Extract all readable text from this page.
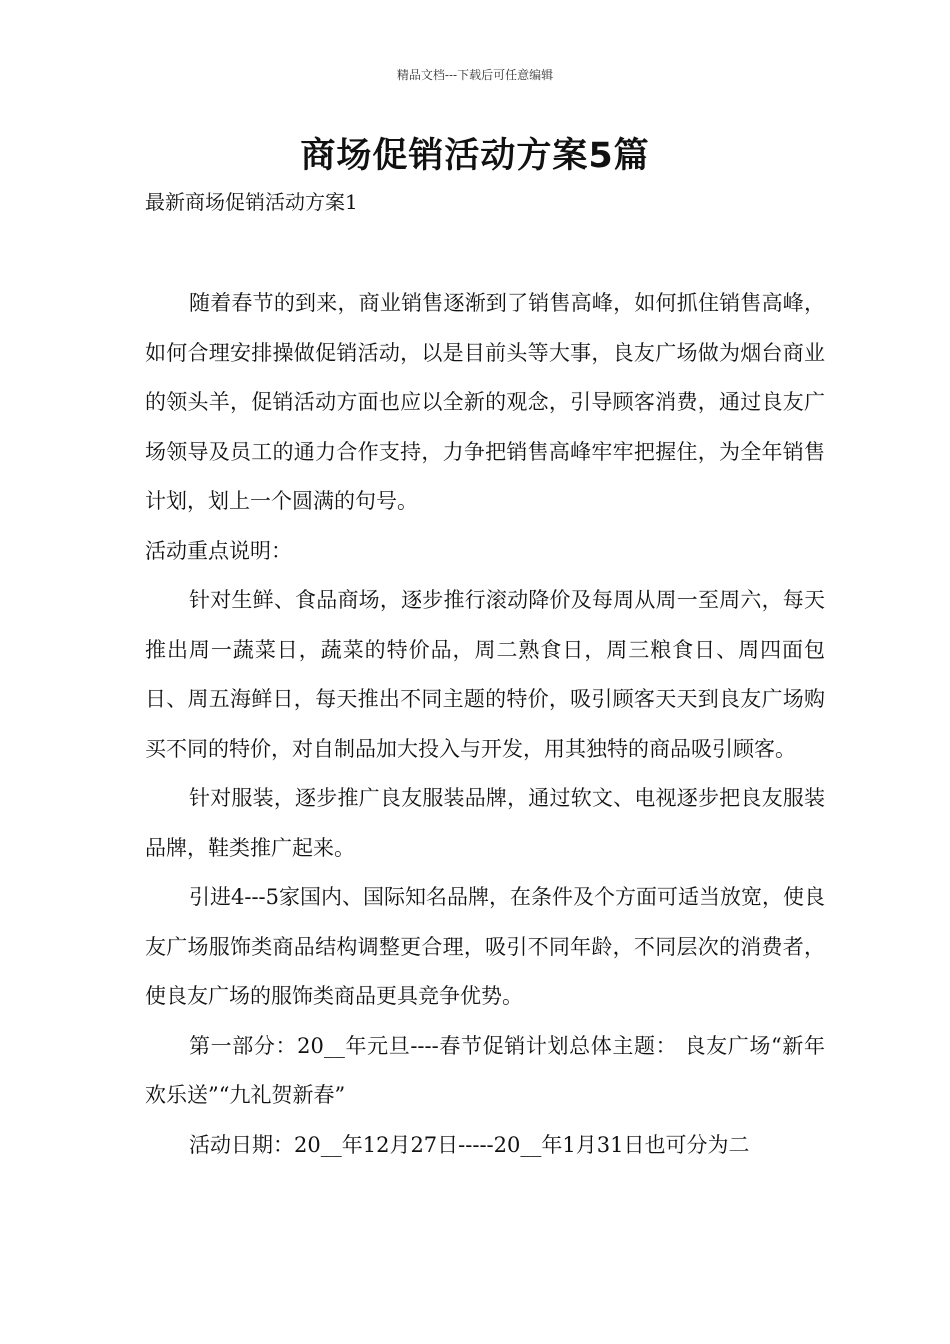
精品文档---下载后可任意编辑
商场促销活动方案5篇
最新商场促销活动方案1

随着春节的到来，商业销售逐渐到了销售高峰，如何抓住销售高峰，如何合理安排操做促销活动，以是目前头等大事，良友广场做为烟台商业的领头羊，促销活动方面也应以全新的观念，引导顾客消费，通过良友广场领导及员工的通力合作支持，力争把销售高峰牢牢把握住，为全年销售计划，划上一个圆满的句号。

活动重点说明：

针对生鲜、食品商场，逐步推行滚动降价及每周从周一至周六，每天推出周一蔬菜日，蔬菜的特价品，周二熟食日，周三粮食日、周四面包日、周五海鲜日，每天推出不同主题的特价，吸引顾客天天到良友广场购买不同的特价，对自制品加大投入与开发，用其独特的商品吸引顾客。

针对服装，逐步推广良友服装品牌，通过软文、电视逐步把良友服装品牌，鞋类推广起来。

引进4---5家国内、国际知名品牌，在条件及个方面可适当放宽，使良友广场服饰类商品结构调整更合理，吸引不同年龄，不同层次的消费者，使良友广场的服饰类商品更具竞争优势。

第一部分：20__年元旦----春节促销计划总体主题： 良友广场“新年欢乐送”“九礼贺新春”

活动日期：20__年12月27日-----20__年1月31日也可分为二
